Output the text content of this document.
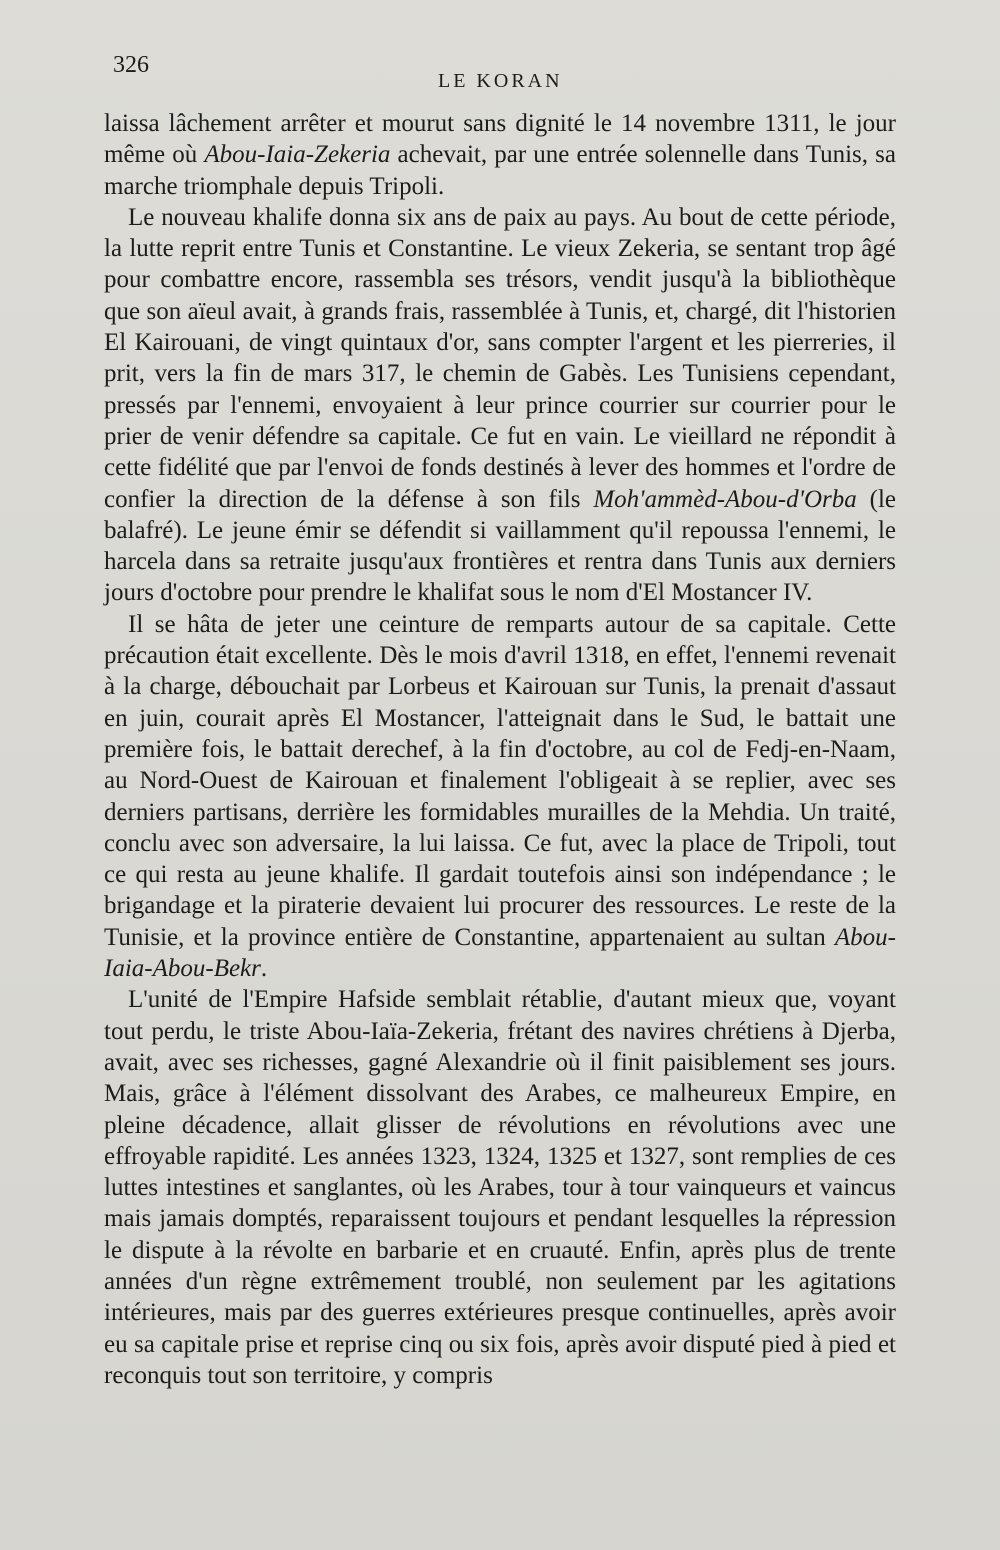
326
LE KORAN

laissa lâchement arrêter et mourut sans dignité le 14 novembre 1311, le jour même où Abou-Iaia-Zekeria achevait, par une entrée solennelle dans Tunis, sa marche triomphale depuis Tripoli.

Le nouveau khalife donna six ans de paix au pays. Au bout de cette période, la lutte reprit entre Tunis et Constantine. Le vieux Zekeria, se sentant trop âgé pour combattre encore, rassembla ses trésors, vendit jusqu'à la bibliothèque que son aïeul avait, à grands frais, rassemblée à Tunis, et, chargé, dit l'historien El Kairouani, de vingt quintaux d'or, sans compter l'argent et les pierreries, il prit, vers la fin de mars 317, le chemin de Gabès. Les Tunisiens cependant, pressés par l'ennemi, envoyaient à leur prince courrier sur courrier pour le prier de venir défendre sa capitale. Ce fut en vain. Le vieillard ne répondit à cette fidélité que par l'envoi de fonds destinés à lever des hommes et l'ordre de confier la direction de la défense à son fils Moh'ammèd-Abou-d'Orba (le balafré). Le jeune émir se défendit si vaillamment qu'il repoussa l'ennemi, le harcela dans sa retraite jusqu'aux frontières et rentra dans Tunis aux derniers jours d'octobre pour prendre le khalifat sous le nom d'El Mostancer IV.

Il se hâta de jeter une ceinture de remparts autour de sa capitale. Cette précaution était excellente. Dès le mois d'avril 1318, en effet, l'ennemi revenait à la charge, débouchait par Lorbeus et Kairouan sur Tunis, la prenait d'assaut en juin, courait après El Mostancer, l'atteignait dans le Sud, le battait une première fois, le battait derechef, à la fin d'octobre, au col de Fedj-en-Naam, au Nord-Ouest de Kairouan et finalement l'obligeait à se replier, avec ses derniers partisans, derrière les formidables murailles de la Mehdia. Un traité, conclu avec son adversaire, la lui laissa. Ce fut, avec la place de Tripoli, tout ce qui resta au jeune khalife. Il gardait toutefois ainsi son indépendance ; le brigandage et la piraterie devaient lui procurer des ressources. Le reste de la Tunisie, et la province entière de Constantine, appartenaient au sultan Abou-Iaia-Abou-Bekr.

L'unité de l'Empire Hafside semblait rétablie, d'autant mieux que, voyant tout perdu, le triste Abou-Iaïa-Zekeria, frétant des navires chrétiens à Djerba, avait, avec ses richesses, gagné Alexandrie où il finit paisiblement ses jours. Mais, grâce à l'élément dissolvant des Arabes, ce malheureux Empire, en pleine décadence, allait glisser de révolutions en révolutions avec une effroyable rapidité. Les années 1323, 1324, 1325 et 1327, sont remplies de ces luttes intestines et sanglantes, où les Arabes, tour à tour vainqueurs et vaincus mais jamais domptés, reparaissent toujours et pendant lesquelles la répression le dispute à la révolte en barbarie et en cruauté. Enfin, après plus de trente années d'un règne extrêmement troublé, non seulement par les agitations intérieures, mais par des guerres extérieures presque continuelles, après avoir eu sa capitale prise et reprise cinq ou six fois, après avoir disputé pied à pied et reconquis tout son territoire, y compris
